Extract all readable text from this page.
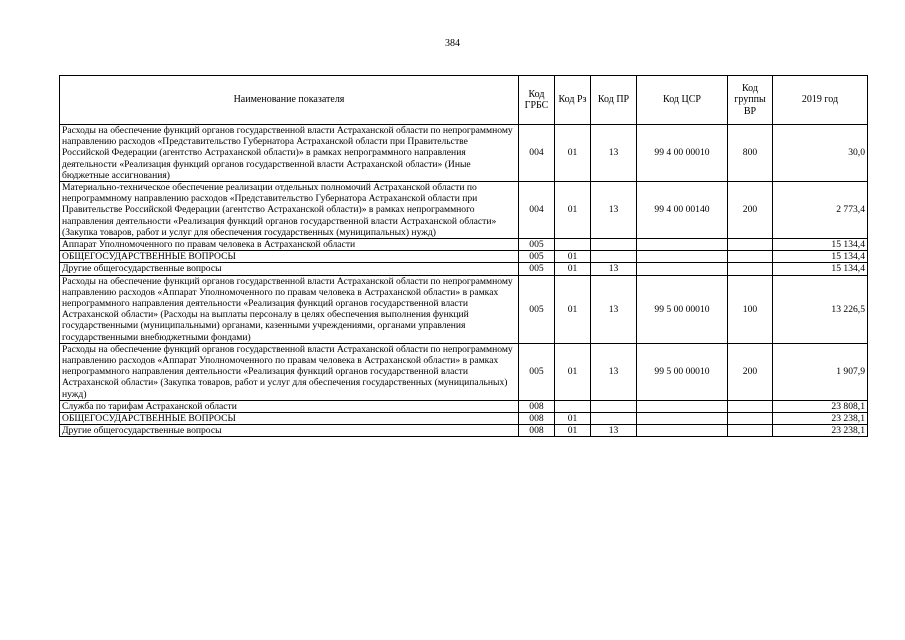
384
Наименование показателя	Код ГРБС	Код Рз	Код ПР	Код ЦСР	Код группы ВР	2019 год
Расходы на обеспечение функций органов государственной власти Астраханской области по непрограммному направлению расходов «Представительство Губернатора Астраханской области при Правительстве Российской Федерации (агентство Астраханской области)» в рамках непрограммного направления деятельности «Реализация функций органов государственной власти Астраханской области» (Иные бюджетные ассигнования)	004	01	13	99 4 00 00010	800	30,0
Материально-техническое обеспечение реализации отдельных полномочий Астраханской области по непрограммному направлению расходов «Представительство Губернатора Астраханской области при Правительстве Российской Федерации (агентство Астраханской области)» в рамках непрограммного направления деятельности «Реализация функций органов государственной власти Астраханской области» (Закупка товаров, работ и услуг для обеспечения государственных (муниципальных) нужд)	004	01	13	99 4 00 00140	200	2 773,4
Аппарат Уполномоченного по правам человека в Астраханской области	005					15 134,4
ОБЩЕГОСУДАРСТВЕННЫЕ ВОПРОСЫ	005	01				15 134,4
Другие общегосударственные вопросы	005	01	13			15 134,4
Расходы на обеспечение функций органов государственной власти Астраханской области по непрограммному направлению расходов «Аппарат Уполномоченного по правам человека в Астраханской области» в рамках непрограммного направления деятельности «Реализация функций органов государственной власти Астраханской области» (Расходы на выплаты персоналу в целях обеспечения выполнения функций государственными (муниципальными) органами, казенными учреждениями, органами управления государственными внебюджетными фондами)	005	01	13	99 5 00 00010	100	13 226,5
Расходы на обеспечение функций органов государственной власти Астраханской области по непрограммному направлению расходов «Аппарат Уполномоченного по правам человека в Астраханской области» в рамках непрограммного направления деятельности «Реализация функций органов государственной власти Астраханской области» (Закупка товаров, работ и услуг для обеспечения государственных (муниципальных) нужд)	005	01	13	99 5 00 00010	200	1 907,9
Служба по тарифам Астраханской области	008					23 808,1
ОБЩЕГОСУДАРСТВЕННЫЕ ВОПРОСЫ	008	01				23 238,1
Другие общегосударственные вопросы	008	01	13			23 238,1
